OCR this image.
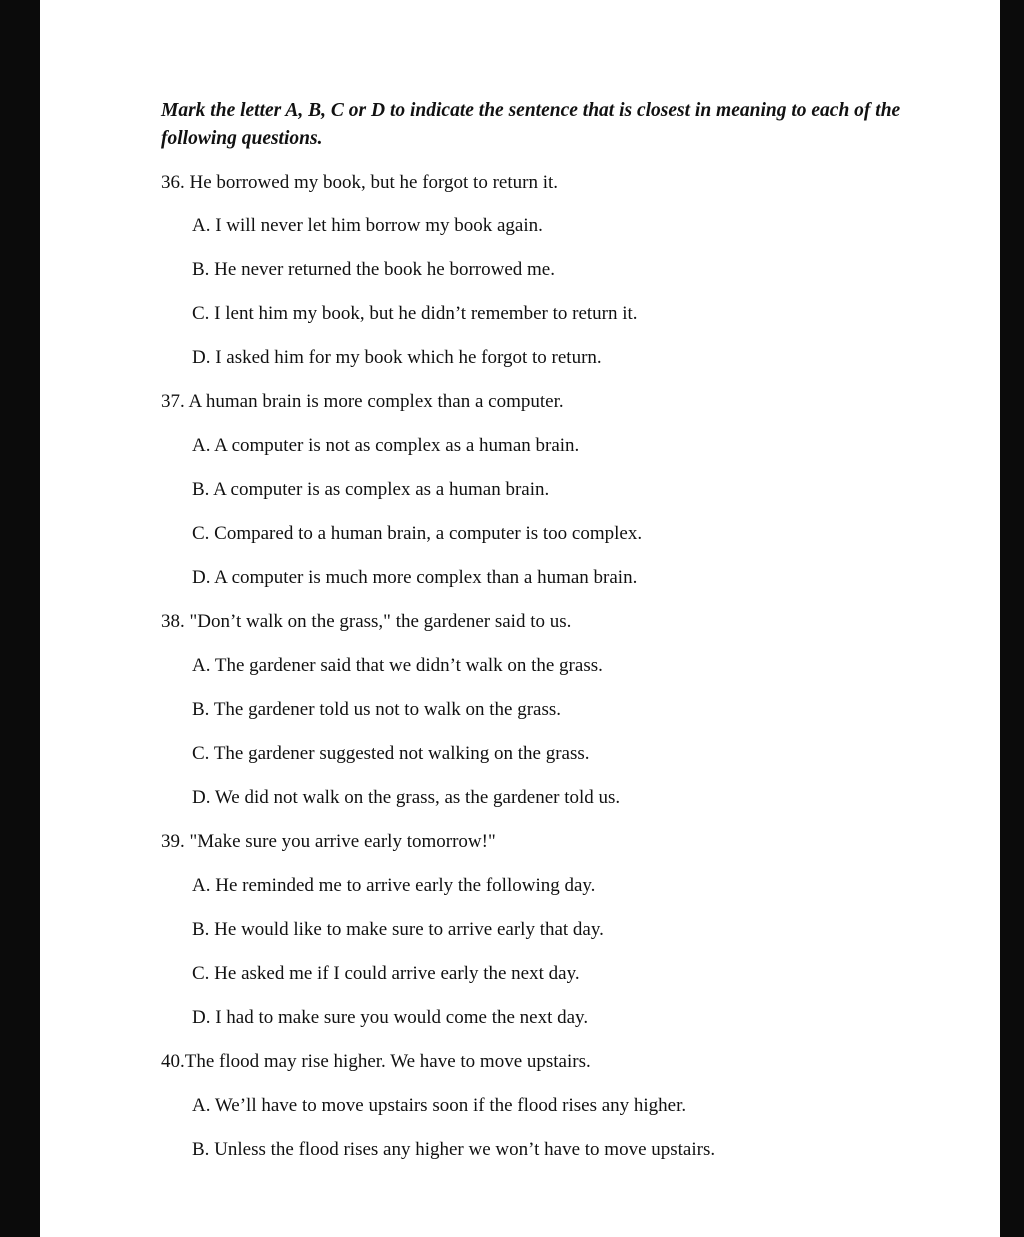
Mark the letter A, B, C or D to indicate the sentence that is closest in meaning to each of the following questions.

36. He borrowed my book, but he forgot to return it.

A. I will never let him borrow my book again.

B. He never returned the book he borrowed me.

C. I lent him my book, but he didn’t remember to return it.

D. I asked him for my book which he forgot to return.

37. A human brain is more complex than a computer.

A. A computer is not as complex as a human brain.

B. A computer is as complex as a human brain.

C. Compared to a human brain, a computer is too complex.

D. A computer is much more complex than a human brain.

38. "Don’t walk on the grass," the gardener said to us.

A. The gardener said that we didn’t walk on the grass.

B. The gardener told us not to walk on the grass.

C. The gardener suggested not walking on the grass.

D. We did not walk on the grass, as the gardener told us.

39. "Make sure you arrive early tomorrow!"

A. He reminded me to arrive early the following day.

B. He would like to make sure to arrive early that day.

C. He asked me if I could arrive early the next day.

D. I had to make sure you would come the next day.

40.The flood may rise higher. We have to move upstairs.

A. We’ll have to move upstairs soon if the flood rises any higher.

B. Unless the flood rises any higher we won’t have to move upstairs.
